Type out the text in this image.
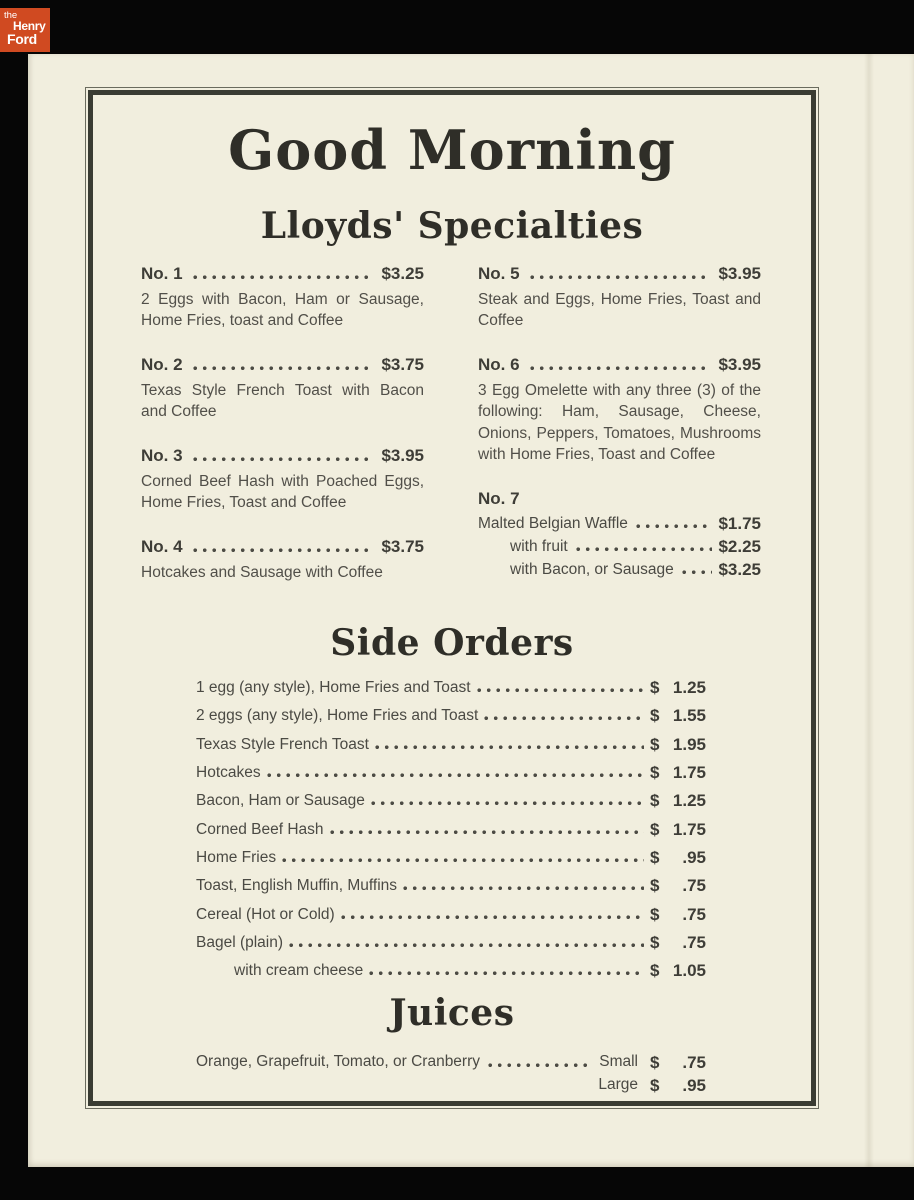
Good Morning
Lloyds' Specialties
No. 1	$3.25
2 Eggs with Bacon, Ham or Sausage, Home Fries, toast and Coffee
No. 2	$3.75
Texas Style French Toast with Bacon and Coffee
No. 3	$3.95
Corned Beef Hash with Poached Eggs, Home Fries, Toast and Coffee
No. 4	$3.75
Hotcakes and Sausage with Coffee
No. 5	$3.95
Steak and Eggs, Home Fries, Toast and Coffee
No. 6	$3.95
3 Egg Omelette with any three (3) of the following: Ham, Sausage, Cheese, Onions, Peppers, Tomatoes, Mushrooms with Home Fries, Toast and Coffee
No. 7
Malted Belgian Waffle	$1.75
with fruit	$2.25
with Bacon, or Sausage	$3.25
Side Orders
1 egg (any style), Home Fries and Toast	$ 1.25
2 eggs (any style), Home Fries and Toast	$ 1.55
Texas Style French Toast	$ 1.95
Hotcakes	$ 1.75
Bacon, Ham or Sausage	$ 1.25
Corned Beef Hash	$ 1.75
Home Fries	$ .95
Toast, English Muffin, Muffins	$ .75
Cereal (Hot or Cold)	$ .75
Bagel (plain)	$ .75
with cream cheese	$ 1.05
Juices
Orange, Grapefruit, Tomato, or Cranberry	Small $ .75
Large $ .95
the
Henry
Ford
